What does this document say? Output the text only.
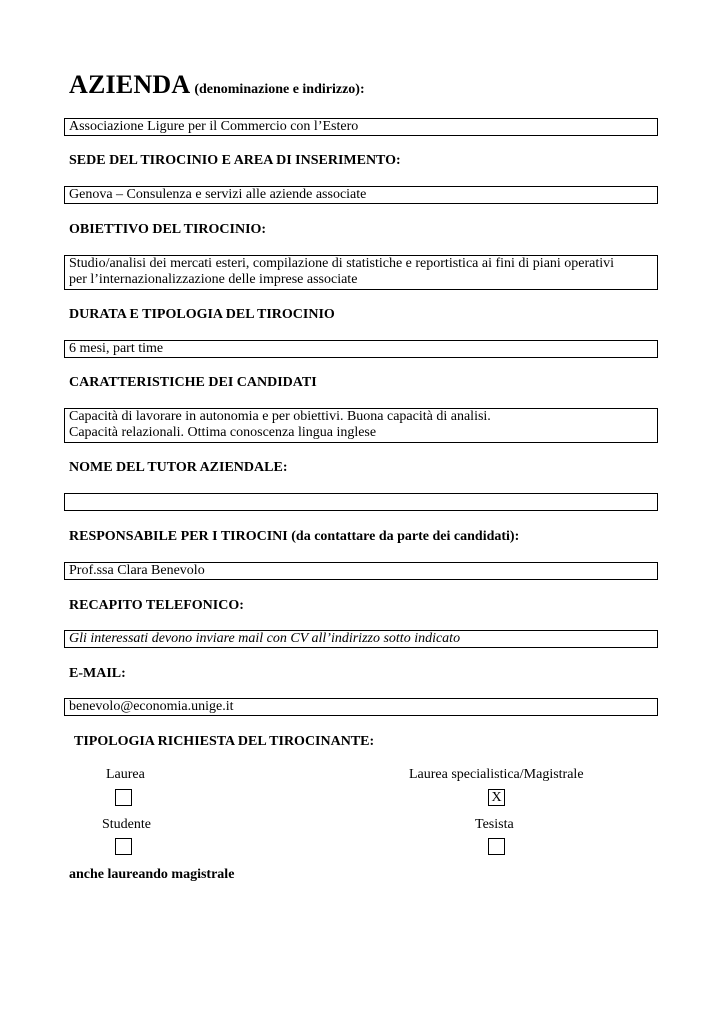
AZIENDA (denominazione e indirizzo):
Associazione Ligure per il Commercio con l’Estero
SEDE DEL TIROCINIO E AREA DI INSERIMENTO:
Genova – Consulenza e servizi alle aziende associate
OBIETTIVO DEL TIROCINIO:
Studio/analisi dei mercati esteri, compilazione di statistiche e reportistica ai fini di piani operativi
per l’internazionalizzazione delle imprese associate
DURATA E TIPOLOGIA DEL TIROCINIO
6 mesi, part time
CARATTERISTICHE DEI CANDIDATI
Capacità di lavorare in autonomia e per obiettivi. Buona capacità di analisi.
Capacità relazionali. Ottima conoscenza lingua inglese
NOME DEL TUTOR AZIENDALE:
RESPONSABILE PER I TIROCINI (da contattare da parte dei candidati):
Prof.ssa Clara Benevolo
RECAPITO TELEFONICO:
Gli interessati devono inviare mail con CV all’indirizzo sotto indicato
E-MAIL:
benevolo@economia.unige.it
TIPOLOGIA RICHIESTA DEL TIROCINANTE:
Laurea	Laurea specialistica/Magistrale
X
Studente	Tesista
anche laureando magistrale
